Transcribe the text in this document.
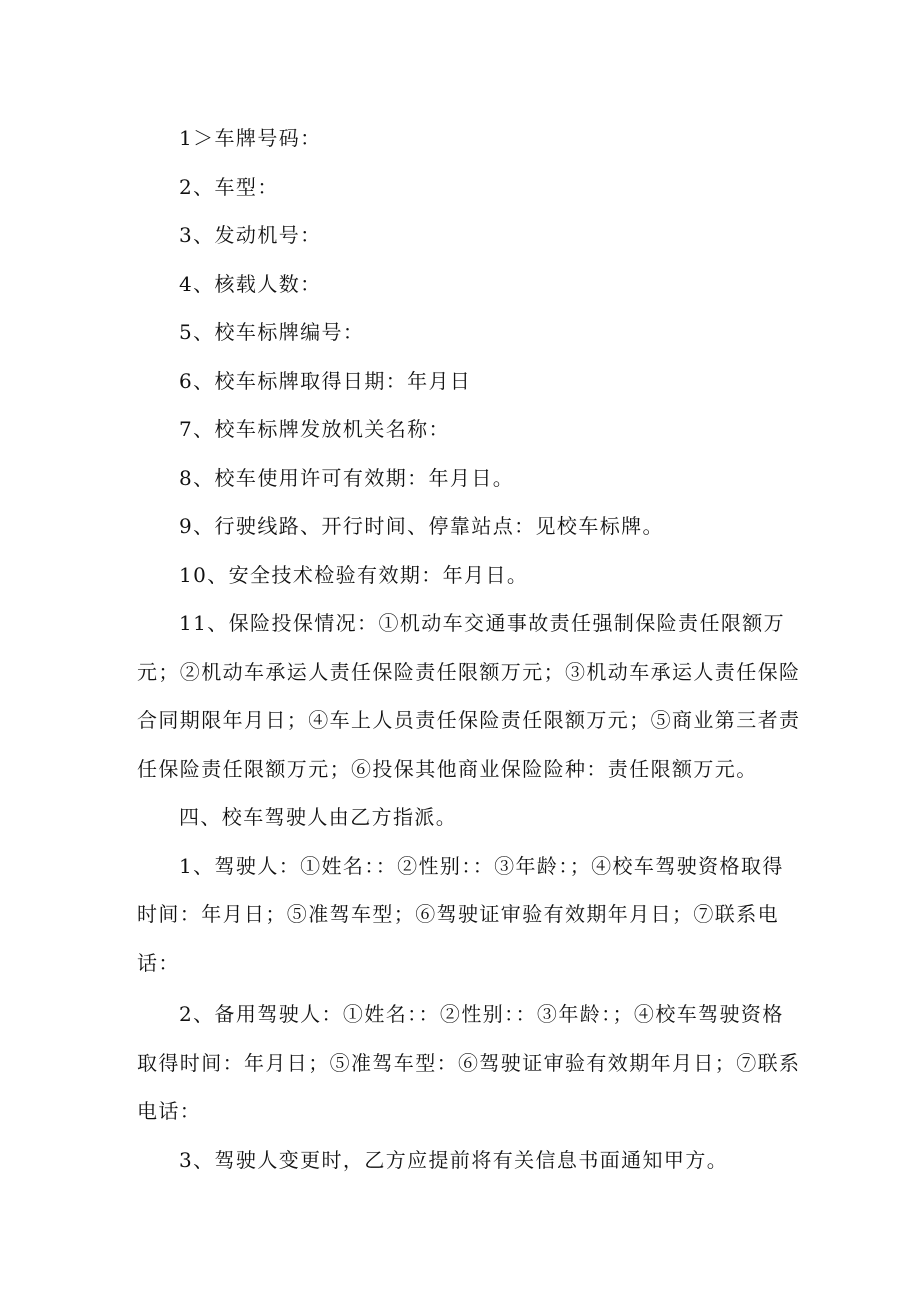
1＞车牌号码：

2、车型：

3、发动机号：

4、核载人数：

5、校车标牌编号：

6、校车标牌取得日期：年月日

7、校车标牌发放机关名称：

8、校车使用许可有效期：年月日。

9、行驶线路、开行时间、停靠站点：见校车标牌。

10、安全技术检验有效期：年月日。

11、保险投保情况：①机动车交通事故责任强制保险责任限额万元；②机动车承运人责任保险责任限额万元；③机动车承运人责任保险合同期限年月日；④车上人员责任保险责任限额万元；⑤商业第三者责任保险责任限额万元；⑥投保其他商业保险险种：责任限额万元。

四、校车驾驶人由乙方指派。

1、驾驶人：①姓名：：②性别：：③年龄：；④校车驾驶资格取得时间：年月日；⑤准驾车型；⑥驾驶证审验有效期年月日；⑦联系电话：

2、备用驾驶人：①姓名：：②性别：：③年龄：；④校车驾驶资格取得时间：年月日；⑤准驾车型：⑥驾驶证审验有效期年月日；⑦联系电话：

3、驾驶人变更时，乙方应提前将有关信息书面通知甲方。
